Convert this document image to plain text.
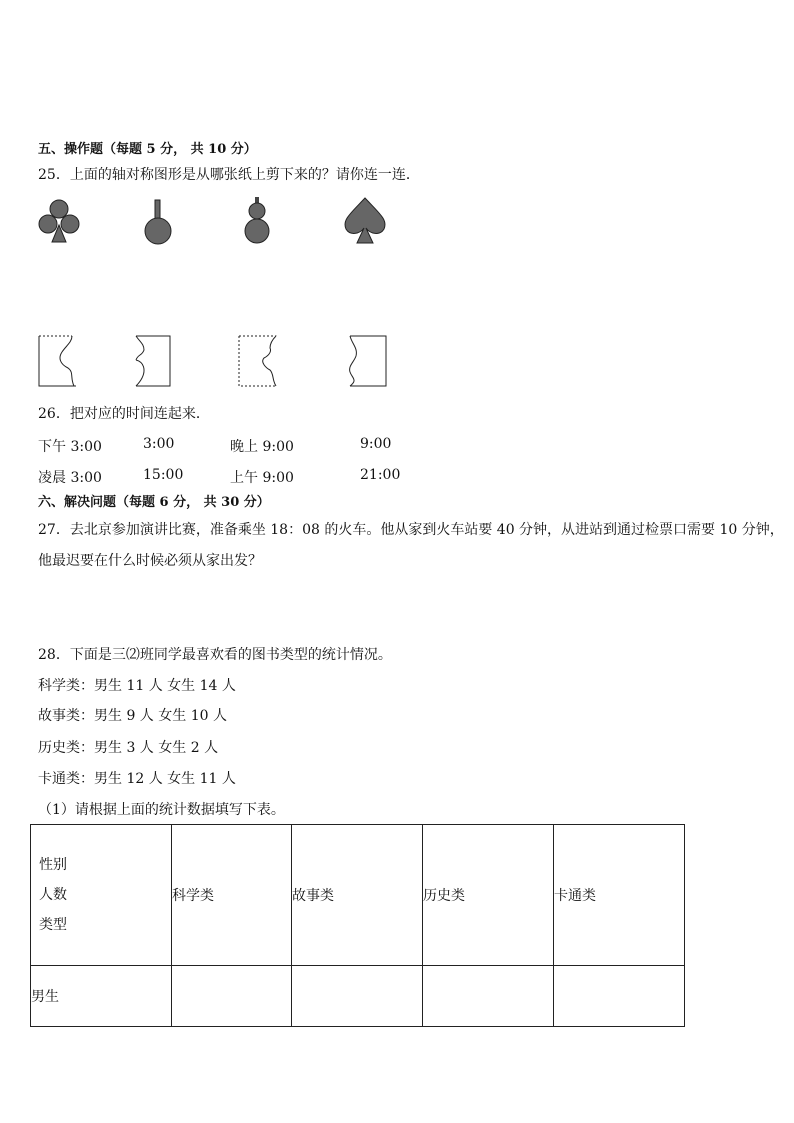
五、操作题（每题 5 分， 共 10 分）
25．上面的轴对称图形是从哪张纸上剪下来的？请你连一连．
26．把对应的时间连起来．
下午 3:00	3:00	晚上 9:00	9:00
凌晨 3:00	15:00	上午 9:00	21:00
六、解决问题（每题 6 分， 共 30 分）
27．去北京参加演讲比赛，准备乘坐 18：08 的火车。他从家到火车站要 40 分钟，从进站到通过检票口需要 10 分钟，
他最迟要在什么时候必须从家出发？
28．下面是三⑵班同学最喜欢看的图书类型的统计情况。
科学类：男生 11 人 女生 14 人
故事类：男生 9 人 女生 10 人
历史类：男生 3 人 女生 2 人
卡通类：男生 12 人 女生 11 人
（1）请根据上面的统计数据填写下表。
性别
人数
类型	科学类	故事类	历史类	卡通类
男生				
